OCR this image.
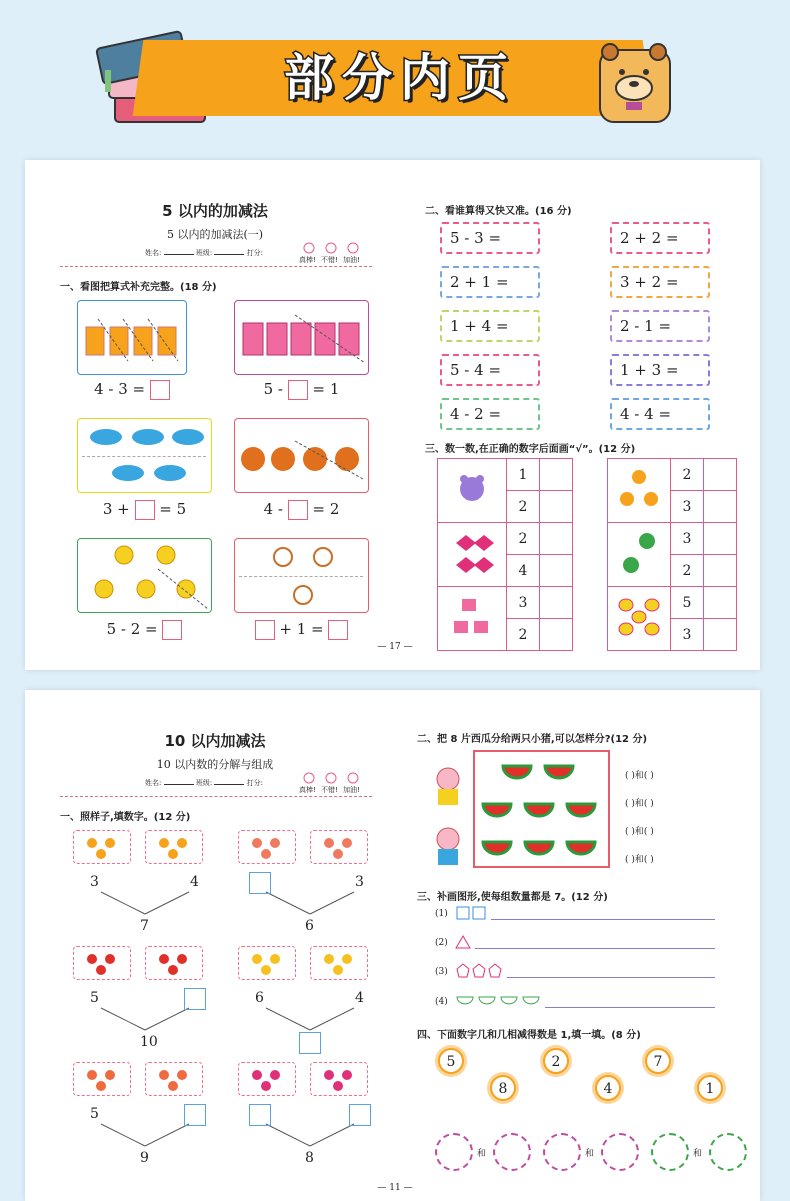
部分内页
5 以内的加减法
5 以内的加减法(一)
姓名:	班级:	打分:
真棒! 不错! 加油!
一、看图把算式补充完整。(18 分)
4 - 3 =	5 - = 1
3 + = 5	4 - = 2
5 - 2 =	+ 1 =
二、看谁算得又快又准。(16 分)
5 - 3 =	2 + 2 =
2 + 1 =	3 + 2 =
1 + 4 =	2 - 1 =
5 - 4 =	1 + 3 =
4 - 2 =	4 - 4 =
三、数一数,在正确的数字后面画“√”。(12 分)
	1	
	2	
	2	
	4	
	3	
	2	
	2	
	3	
	3	
	2	
	5	
	3	
— 17 —
10 以内加减法
10 以内数的分解与组成
姓名:	班级:	打分:
真棒! 不错! 加油!
一、照样子,填数字。(12 分)
3	4
7
3
6
5
10
6	4
5
9	8
二、把 8 片西瓜分给两只小猪,可以怎样分?(12 分)
( )和( )
( )和( )
( )和( )
( )和( )
三、补画图形,使每组数量都是 7。(12 分)
(1)
(2)
(3)
(4)
四、下面数字几和几相减得数是 1,填一填。(8 分)
5	2	7
8	4	1
和	和	和
— 11 —
